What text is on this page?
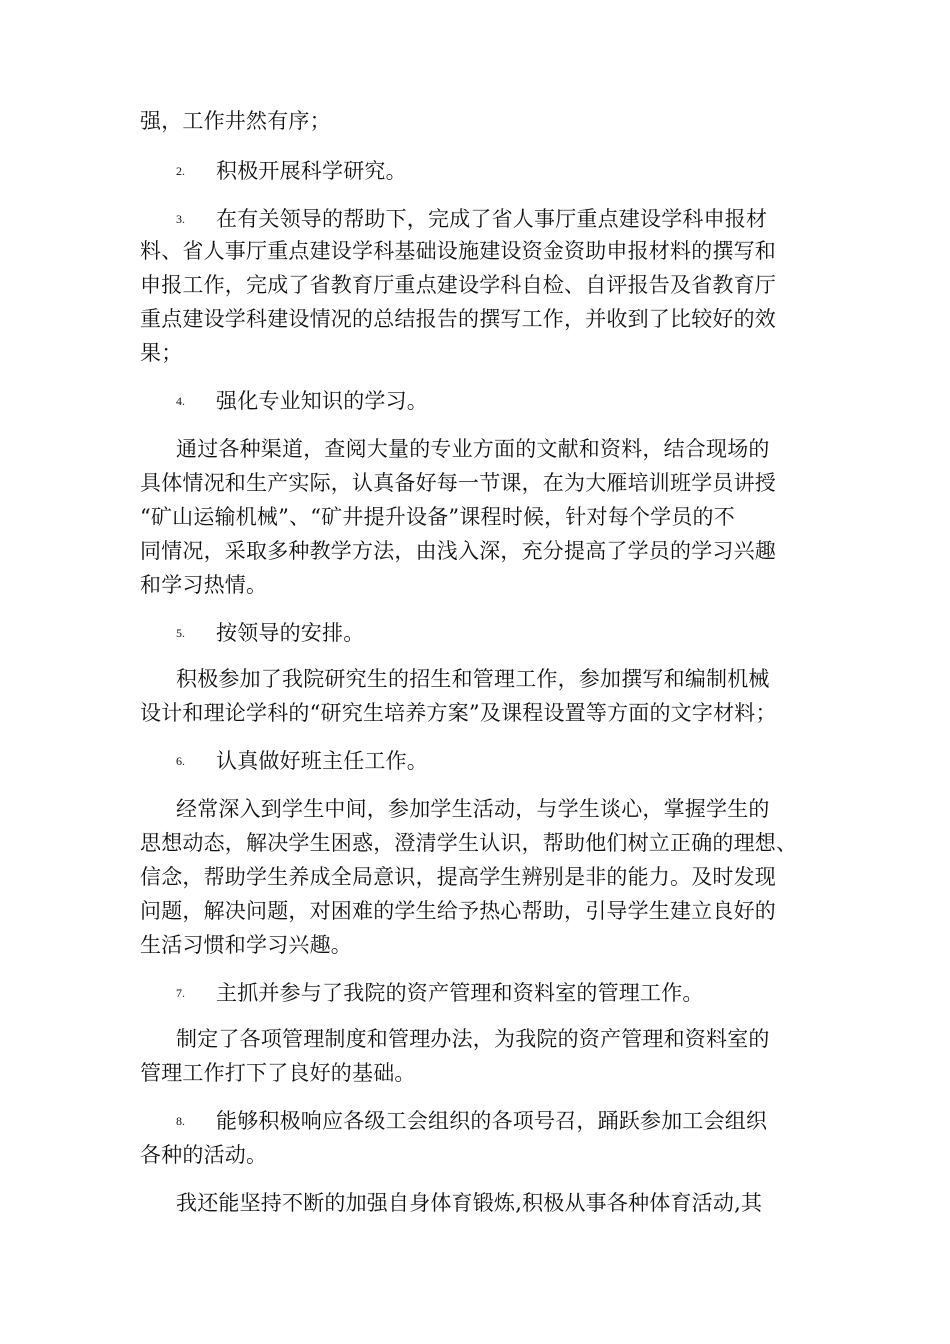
强，工作井然有序；
2. 积极开展科学研究。
3. 在有关领导的帮助下，完成了省人事厅重点建设学科申报材
料、省人事厅重点建设学科基础设施建设资金资助申报材料的撰写和
申报工作，完成了省教育厅重点建设学科自检、自评报告及省教育厅
重点建设学科建设情况的总结报告的撰写工作，并收到了比较好的效
果；
4. 强化专业知识的学习。
通过各种渠道，查阅大量的专业方面的文献和资料，结合现场的
具体情况和生产实际，认真备好每一节课，在为大雁培训班学员讲授
“矿山运输机械”、“矿井提升设备”课程时候，针对每个学员的不
同情况，采取多种教学方法，由浅入深，充分提高了学员的学习兴趣
和学习热情。
5. 按领导的安排。
积极参加了我院研究生的招生和管理工作，参加撰写和编制机械
设计和理论学科的“研究生培养方案”及课程设置等方面的文字材料；
6. 认真做好班主任工作。
经常深入到学生中间，参加学生活动，与学生谈心，掌握学生的
思想动态，解决学生困惑，澄清学生认识，帮助他们树立正确的理想、
信念，帮助学生养成全局意识，提高学生辨别是非的能力。及时发现
问题，解决问题，对困难的学生给予热心帮助，引导学生建立良好的
生活习惯和学习兴趣。
7. 主抓并参与了我院的资产管理和资料室的管理工作。
制定了各项管理制度和管理办法，为我院的资产管理和资料室的
管理工作打下了良好的基础。
8. 能够积极响应各级工会组织的各项号召，踊跃参加工会组织
各种的活动。
我还能坚持不断的加强自身体育锻炼,积极从事各种体育活动,其
